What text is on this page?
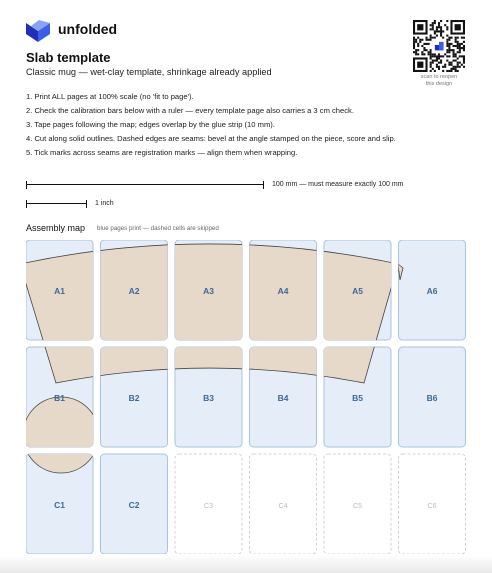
unfolded
scan to reopen
this design
Slab template
Classic mug — wet-clay template, shrinkage already applied
1. Print ALL pages at 100% scale (no 'fit to page').
2. Check the calibration bars below with a ruler — every template page also carries a 3 cm check.
3. Tape pages following the map; edges overlap by the glue strip (10 mm).
4. Cut along solid outlines. Dashed edges are seams: bevel at the angle stamped on the piece, score and slip.
5. Tick marks across seams are registration marks — align them when wrapping.
100 mm — must measure exactly 100 mm
1 inch
Assembly map blue pages print — dashed cells are skipped
A1	A2	A3	A4	A5	A6
B1	B2	B3	B4	B5	B6
C1	C2	C3	C4	C5	C6
